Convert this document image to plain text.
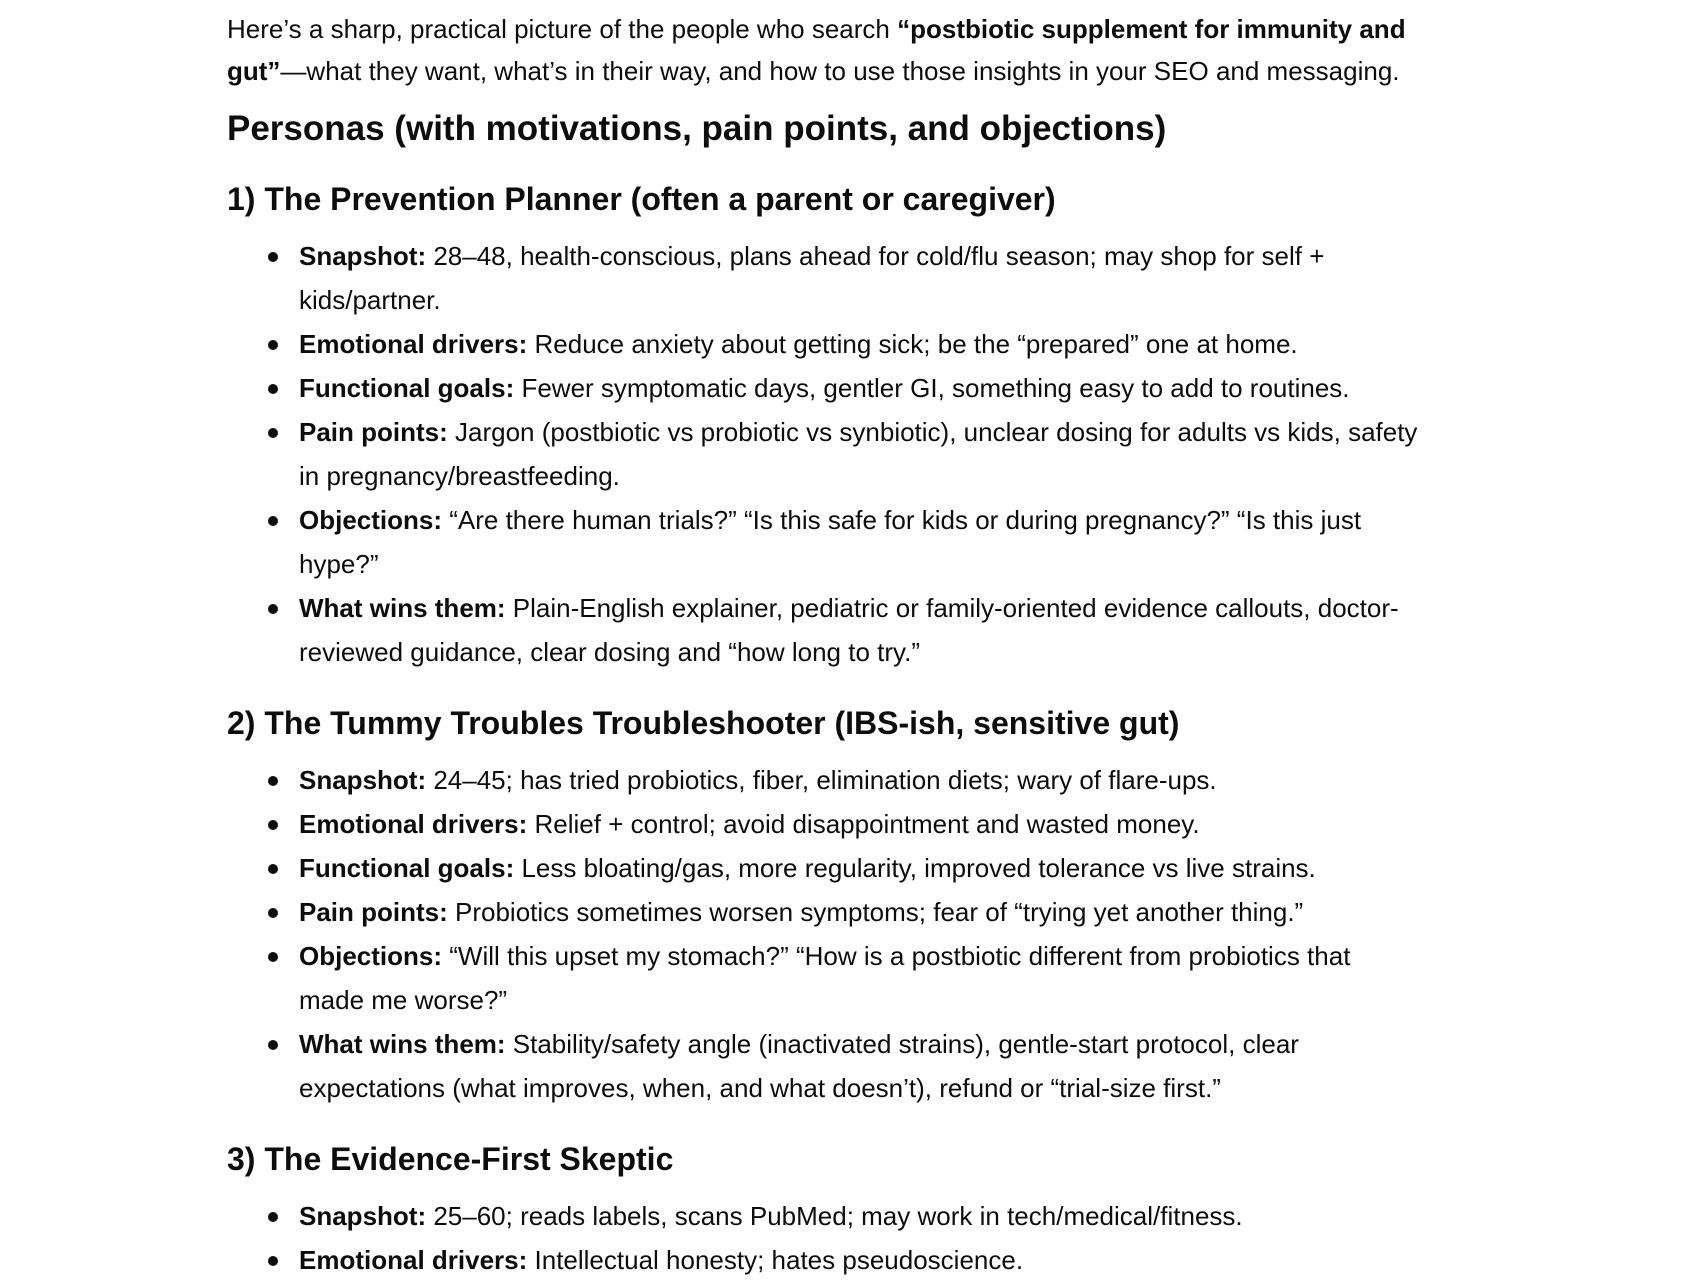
Here’s a sharp, practical picture of the people who search “postbiotic supplement for immunity and gut”—what they want, what’s in their way, and how to use those insights in your SEO and messaging.

Personas (with motivations, pain points, and objections)
1) The Prevention Planner (often a parent or caregiver)
Snapshot: 28–48, health-conscious, plans ahead for cold/flu season; may shop for self + kids/partner.
Emotional drivers: Reduce anxiety about getting sick; be the “prepared” one at home.
Functional goals: Fewer symptomatic days, gentler GI, something easy to add to routines.
Pain points: Jargon (postbiotic vs probiotic vs synbiotic), unclear dosing for adults vs kids, safety in pregnancy/breastfeeding.
Objections: “Are there human trials?” “Is this safe for kids or during pregnancy?” “Is this just hype?”
What wins them: Plain-English explainer, pediatric or family-oriented evidence callouts, doctor-reviewed guidance, clear dosing and “how long to try.”
2) The Tummy Troubles Troubleshooter (IBS-ish, sensitive gut)
Snapshot: 24–45; has tried probiotics, fiber, elimination diets; wary of flare-ups.
Emotional drivers: Relief + control; avoid disappointment and wasted money.
Functional goals: Less bloating/gas, more regularity, improved tolerance vs live strains.
Pain points: Probiotics sometimes worsen symptoms; fear of “trying yet another thing.”
Objections: “Will this upset my stomach?” “How is a postbiotic different from probiotics that made me worse?”
What wins them: Stability/safety angle (inactivated strains), gentle-start protocol, clear expectations (what improves, when, and what doesn’t), refund or “trial-size first.”
3) The Evidence-First Skeptic
Snapshot: 25–60; reads labels, scans PubMed; may work in tech/medical/fitness.
Emotional drivers: Intellectual honesty; hates pseudoscience.
